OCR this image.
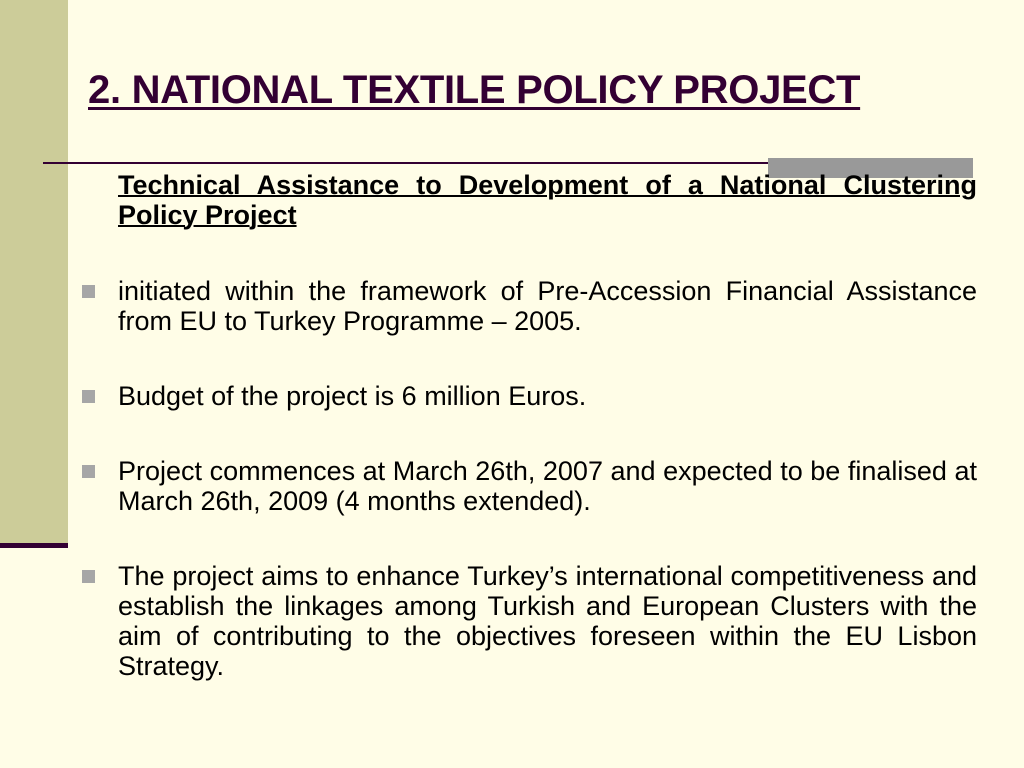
2. NATIONAL TEXTILE POLICY PROJECT

Technical Assistance to Development of a National Clustering Policy Project

initiated within the framework of Pre-Accession Financial Assistance from EU to Turkey Programme – 2005.
Budget of the project is 6 million Euros.
Project commences at March 26th, 2007 and expected to be finalised at March 26th, 2009 (4 months extended).
The project aims to enhance Turkey’s international competitiveness and establish the linkages among Turkish and European Clusters with the aim of contributing to the objectives foreseen within the EU Lisbon Strategy.
